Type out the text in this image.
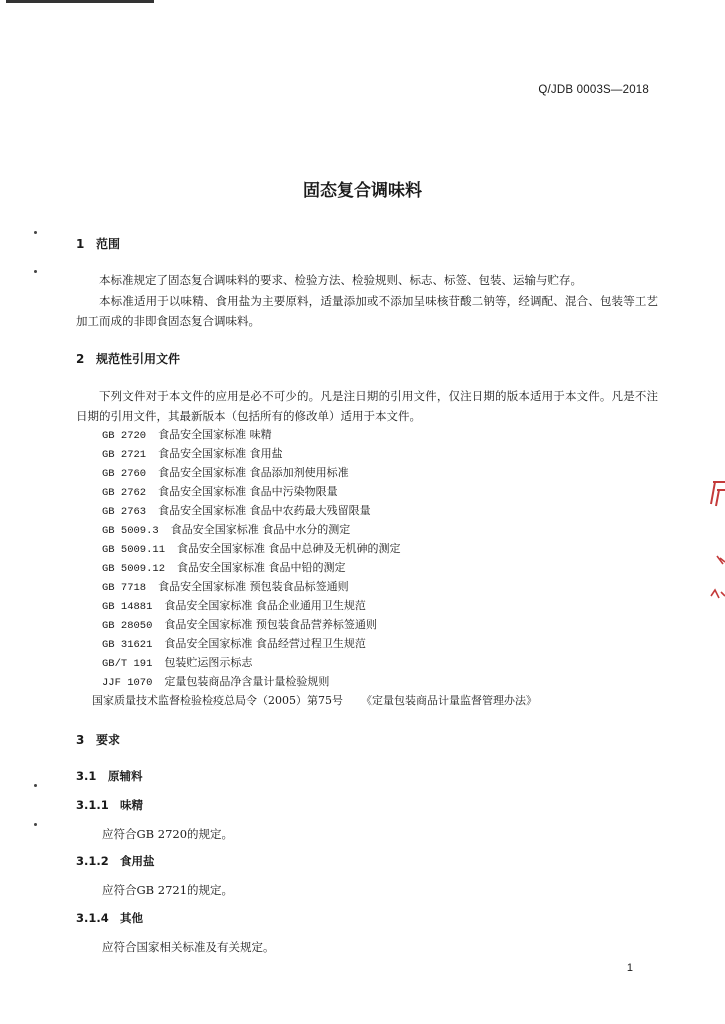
Q/JDB 0003S—2018
固态复合调味料
1 范围
本标准规定了固态复合调味料的要求、检验方法、检验规则、标志、标签、包装、运输与贮存。
本标准适用于以味精、食用盐为主要原料，适量添加或不添加呈味核苷酸二钠等，经调配、混合、包装等工艺加工而成的非即食固态复合调味料。
2 规范性引用文件
下列文件对于本文件的应用是必不可少的。凡是注日期的引用文件，仅注日期的版本适用于本文件。凡是不注日期的引用文件，其最新版本（包括所有的修改单）适用于本文件。
GB 2720 食品安全国家标准 味精
GB 2721 食品安全国家标准 食用盐
GB 2760 食品安全国家标准 食品添加剂使用标准
GB 2762 食品安全国家标准 食品中污染物限量
GB 2763 食品安全国家标准 食品中农药最大残留限量
GB 5009.3 食品安全国家标准 食品中水分的测定
GB 5009.11 食品安全国家标准 食品中总砷及无机砷的测定
GB 5009.12 食品安全国家标准 食品中铅的测定
GB 7718 食品安全国家标准 预包装食品标签通则
GB 14881 食品安全国家标准 食品企业通用卫生规范
GB 28050 食品安全国家标准 预包装食品营养标签通则
GB 31621 食品安全国家标准 食品经营过程卫生规范
GB/T 191 包装贮运图示标志
JJF 1070 定量包装商品净含量计量检验规则
国家质量技术监督检验检疫总局令（2005）第75号 《定量包装商品计量监督管理办法》
3 要求
3.1 原辅料
3.1.1 味精
应符合GB 2720的规定。
3.1.2 食用盐
应符合GB 2721的规定。
3.1.4 其他
应符合国家相关标准及有关规定。
1
